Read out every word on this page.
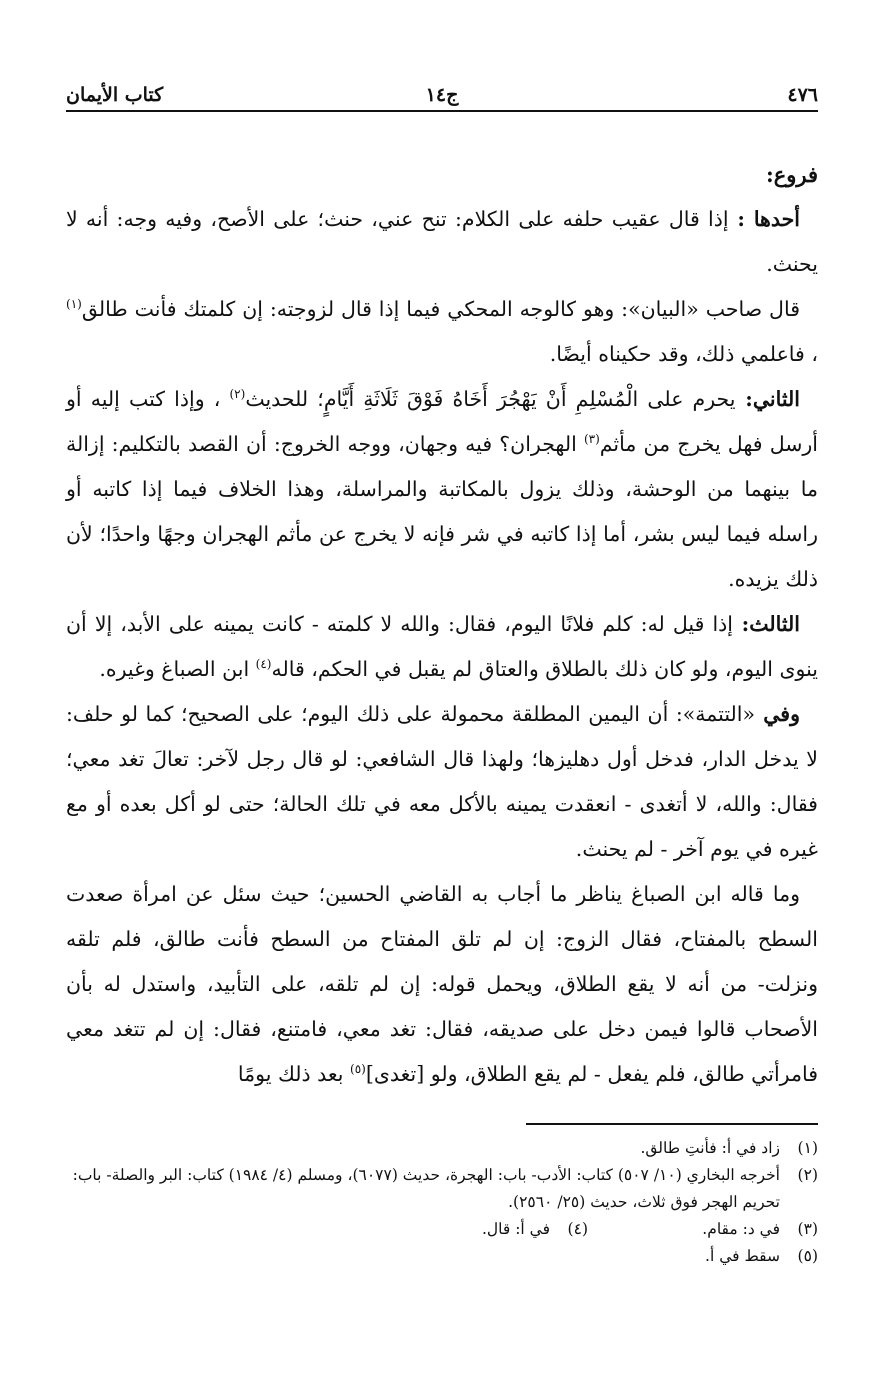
٤٧٦
ج١٤
كتاب الأيمان

فروع:

أحدها : إذا قال عقيب حلفه على الكلام: تنح عني، حنث؛ على الأصح، وفيه وجه: أنه لا يحنث.

قال صاحب «البيان»: وهو كالوجه المحكي فيما إذا قال لزوجته: إن كلمتك فأنت طالق$^{(١)}$ ، فاعلمي ذلك، وقد حكيناه أيضًا.

الثاني: يحرم على الْمُسْلِمِ أَنْ يَهْجُرَ أَخَاهُ فَوْقَ ثَلَاثَةِ أَيَّامٍ؛ للحديث$^{(٢)}$ ، وإذا كتب إليه أو أرسل فهل يخرج من مأثم$^{(٣)}$ الهجران؟ فيه وجهان، ووجه الخروج: أن القصد بالتكليم: إزالة ما بينهما من الوحشة، وذلك يزول بالمكاتبة والمراسلة، وهذا الخلاف فيما إذا كاتبه أو راسله فيما ليس بشر، أما إذا كاتبه في شر فإنه لا يخرج عن مأثم الهجران وجهًا واحدًا؛ لأن ذلك يزيده.

الثالث: إذا قيل له: كلم فلانًا اليوم، فقال: والله لا كلمته - كانت يمينه على الأبد، إلا أن ينوى اليوم، ولو كان ذلك بالطلاق والعتاق لم يقبل في الحكم، قاله$^{(٤)}$ ابن الصباغ وغيره.

وفي «التتمة»: أن اليمين المطلقة محمولة على ذلك اليوم؛ على الصحيح؛ كما لو حلف: لا يدخل الدار، فدخل أول دهليزها؛ ولهذا قال الشافعي: لو قال رجل لآخر: تعالَ تغد معي؛ فقال: والله، لا أتغدى - انعقدت يمينه بالأكل معه في تلك الحالة؛ حتى لو أكل بعده أو مع غيره في يوم آخر - لم يحنث.

وما قاله ابن الصباغ يناظر ما أجاب به القاضي الحسين؛ حيث سئل عن امرأة صعدت السطح بالمفتاح، فقال الزوج: إن لم تلق المفتاح من السطح فأنت طالق، فلم تلقه ونزلت- من أنه لا يقع الطلاق، ويحمل قوله: إن لم تلقه، على التأبيد، واستدل له بأن الأصحاب قالوا فيمن دخل على صديقه، فقال: تغد معي، فامتنع، فقال: إن لم تتغد معي فامرأتي طالق، فلم يفعل - لم يقع الطلاق، ولو [تغدى]$^{(٥)}$ بعد ذلك يومًا

(١)
زاد في أ: فأنتِ طالق.
(٢)
أخرجه البخاري (١٠/ ٥٠٧) كتاب: الأدب- باب: الهجرة، حديث (٦٠٧٧)، ومسلم (٤/ ١٩٨٤) كتاب: البر والصلة- باب: تحريم الهجر فوق ثلاث، حديث (٢٥/ ٢٥٦٠).
(٣)
في د: مقام.
(٤)
في أ: قال.
(٥)
سقط في أ.
